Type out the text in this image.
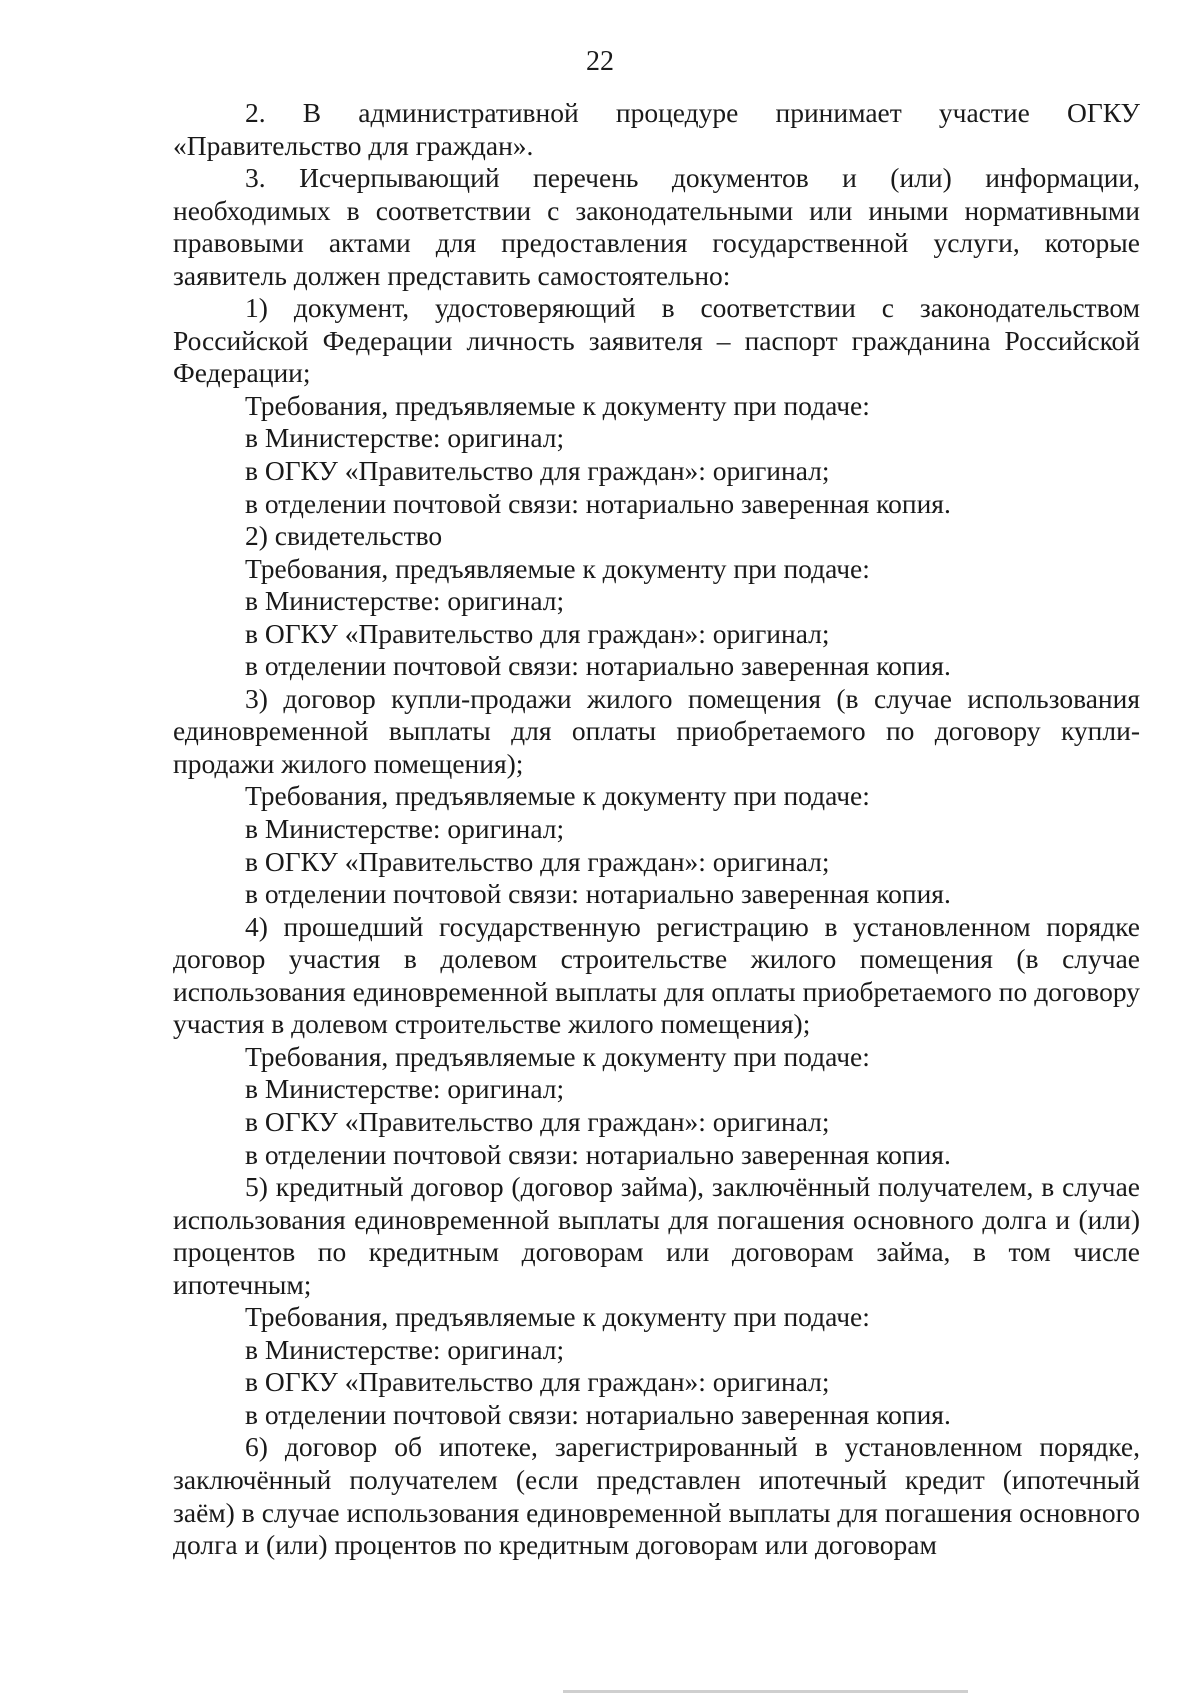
22

2. В административной процедуре принимает участие ОГКУ «Правительство для граждан».

3. Исчерпывающий перечень документов и (или) информации, необходимых в соответствии с законодательными или иными нормативными правовыми актами для предоставления государственной услуги, которые заявитель должен представить самостоятельно:

1) документ, удостоверяющий в соответствии с законодательством Российской Федерации личность заявителя – паспорт гражданина Российской Федерации;

Требования, предъявляемые к документу при подаче:

в Министерстве: оригинал;

в ОГКУ «Правительство для граждан»: оригинал;

в отделении почтовой связи: нотариально заверенная копия.

2) свидетельство

Требования, предъявляемые к документу при подаче:

в Министерстве: оригинал;

в ОГКУ «Правительство для граждан»: оригинал;

в отделении почтовой связи: нотариально заверенная копия.

3) договор купли-продажи жилого помещения (в случае использования единовременной выплаты для оплаты приобретаемого по договору купли-продажи жилого помещения);

Требования, предъявляемые к документу при подаче:

в Министерстве: оригинал;

в ОГКУ «Правительство для граждан»: оригинал;

в отделении почтовой связи: нотариально заверенная копия.

4) прошедший государственную регистрацию в установленном порядке договор участия в долевом строительстве жилого помещения (в случае использования единовременной выплаты для оплаты приобретаемого по договору участия в долевом строительстве жилого помещения);

Требования, предъявляемые к документу при подаче:

в Министерстве: оригинал;

в ОГКУ «Правительство для граждан»: оригинал;

в отделении почтовой связи: нотариально заверенная копия.

5) кредитный договор (договор займа), заключённый получателем, в случае использования единовременной выплаты для погашения основного долга и (или) процентов по кредитным договорам или договорам займа, в том числе ипотечным;

Требования, предъявляемые к документу при подаче:

в Министерстве: оригинал;

в ОГКУ «Правительство для граждан»: оригинал;

в отделении почтовой связи: нотариально заверенная копия.

6) договор об ипотеке, зарегистрированный в установленном порядке, заключённый получателем (если представлен ипотечный кредит (ипотечный заём) в случае использования единовременной выплаты для погашения основного долга и (или) процентов по кредитным договорам или договорам
